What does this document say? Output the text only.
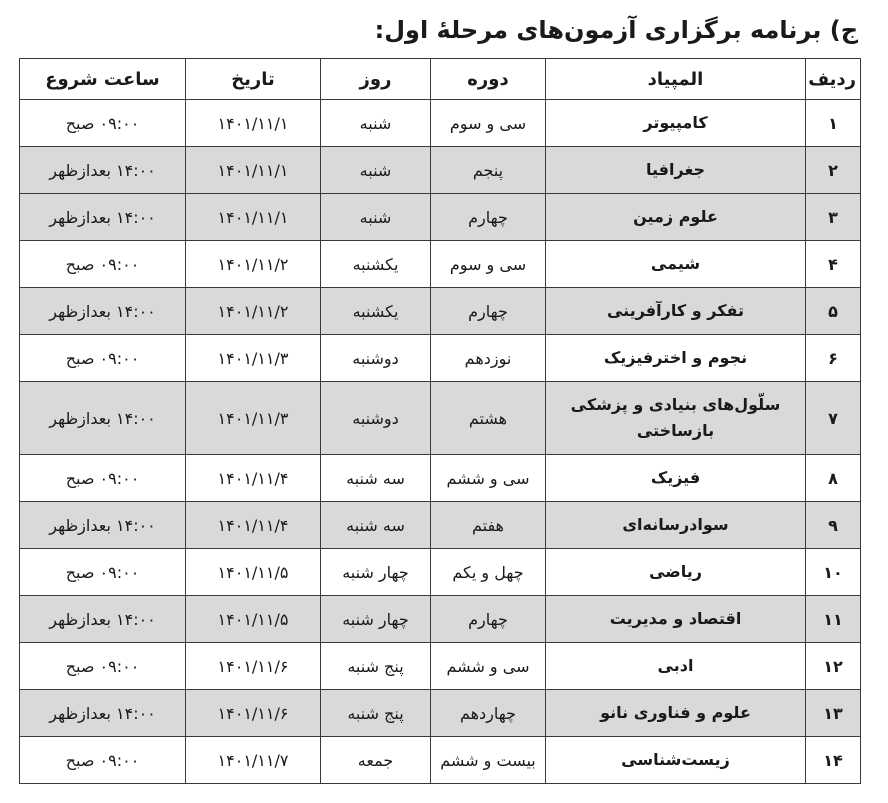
ج) برنامه برگزاری آزمون‌های مرحلهٔ اول:
ردیف	المپیاد	دوره	روز	تاریخ	ساعت شروع
۱	کامپیوتر	سی و سوم	شنبه	۱۴۰۱/۱۱/۱	۰۹:۰۰ صبح
۲	جغرافیا	پنجم	شنبه	۱۴۰۱/۱۱/۱	۱۴:۰۰ بعدازظهر
۳	علوم زمین	چهارم	شنبه	۱۴۰۱/۱۱/۱	۱۴:۰۰ بعدازظهر
۴	شیمی	سی و سوم	یکشنبه	۱۴۰۱/۱۱/۲	۰۹:۰۰ صبح
۵	تفکر و کارآفرینی	چهارم	یکشنبه	۱۴۰۱/۱۱/۲	۱۴:۰۰ بعدازظهر
۶	نجوم و اخترفیزیک	نوزدهم	دوشنبه	۱۴۰۱/۱۱/۳	۰۹:۰۰ صبح
۷	سلّول‌های بنیادی و پزشکی بازساختی	هشتم	دوشنبه	۱۴۰۱/۱۱/۳	۱۴:۰۰ بعدازظهر
۸	فیزیک	سی و ششم	سه شنبه	۱۴۰۱/۱۱/۴	۰۹:۰۰ صبح
۹	سوادرسانه‌ای	هفتم	سه شنبه	۱۴۰۱/۱۱/۴	۱۴:۰۰ بعدازظهر
۱۰	ریاضی	چهل و یکم	چهار شنبه	۱۴۰۱/۱۱/۵	۰۹:۰۰ صبح
۱۱	اقتصاد و مدیریت	چهارم	چهار شنبه	۱۴۰۱/۱۱/۵	۱۴:۰۰ بعدازظهر
۱۲	ادبی	سی و ششم	پنج شنبه	۱۴۰۱/۱۱/۶	۰۹:۰۰ صبح
۱۳	علوم و فناوری نانو	چهاردهم	پنج شنبه	۱۴۰۱/۱۱/۶	۱۴:۰۰ بعدازظهر
۱۴	زیست‌شناسی	بیست و ششم	جمعه	۱۴۰۱/۱۱/۷	۰۹:۰۰ صبح
